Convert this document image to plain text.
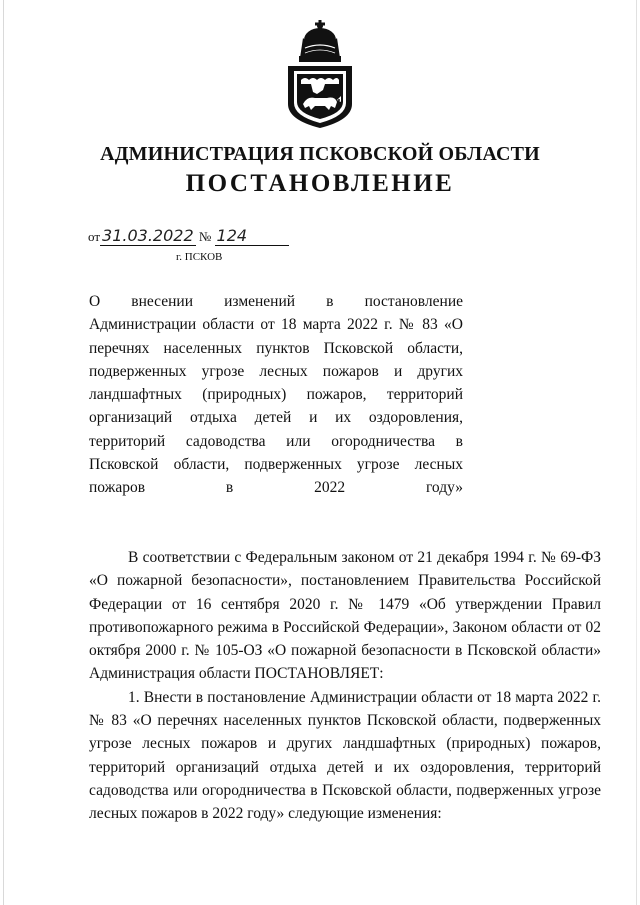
АДМИНИСТРАЦИЯ ПСКОВСКОЙ ОБЛАСТИ
ПОСТАНОВЛЕНИЕ
от 31.03.2022 № 124
г. ПСКОВ
О внесении изменений в постановление Администрации области от 18 марта 2022 г. № 83 «О перечнях населенных пунктов Псковской области, подверженных угрозе лесных пожаров и других ландшафтных (природных) пожаров, территорий организаций отдыха детей и их оздоровления, территорий садоводства или огородничества в Псковской области, подверженных угрозе лесных пожаров в 2022 году»

В соответствии с Федеральным законом от 21 декабря 1994 г. № 69-ФЗ «О пожарной безопасности», постановлением Правительства Российской Федерации от 16 сентября 2020 г. № 1479 «Об утверждении Правил противопожарного режима в Российской Федерации», Законом области от 02 октября 2000 г. № 105-ОЗ «О пожарной безопасности в Псковской области» Администрация области ПОСТАНОВЛЯЕТ:

1. Внести в постановление Администрации области от 18 марта 2022 г. № 83 «О перечнях населенных пунктов Псковской области, подверженных угрозе лесных пожаров и других ландшафтных (природных) пожаров, территорий организаций отдыха детей и их оздоровления, территорий садоводства или огородничества в Псковской области, подверженных угрозе лесных пожаров в 2022 году» следующие изменения:
